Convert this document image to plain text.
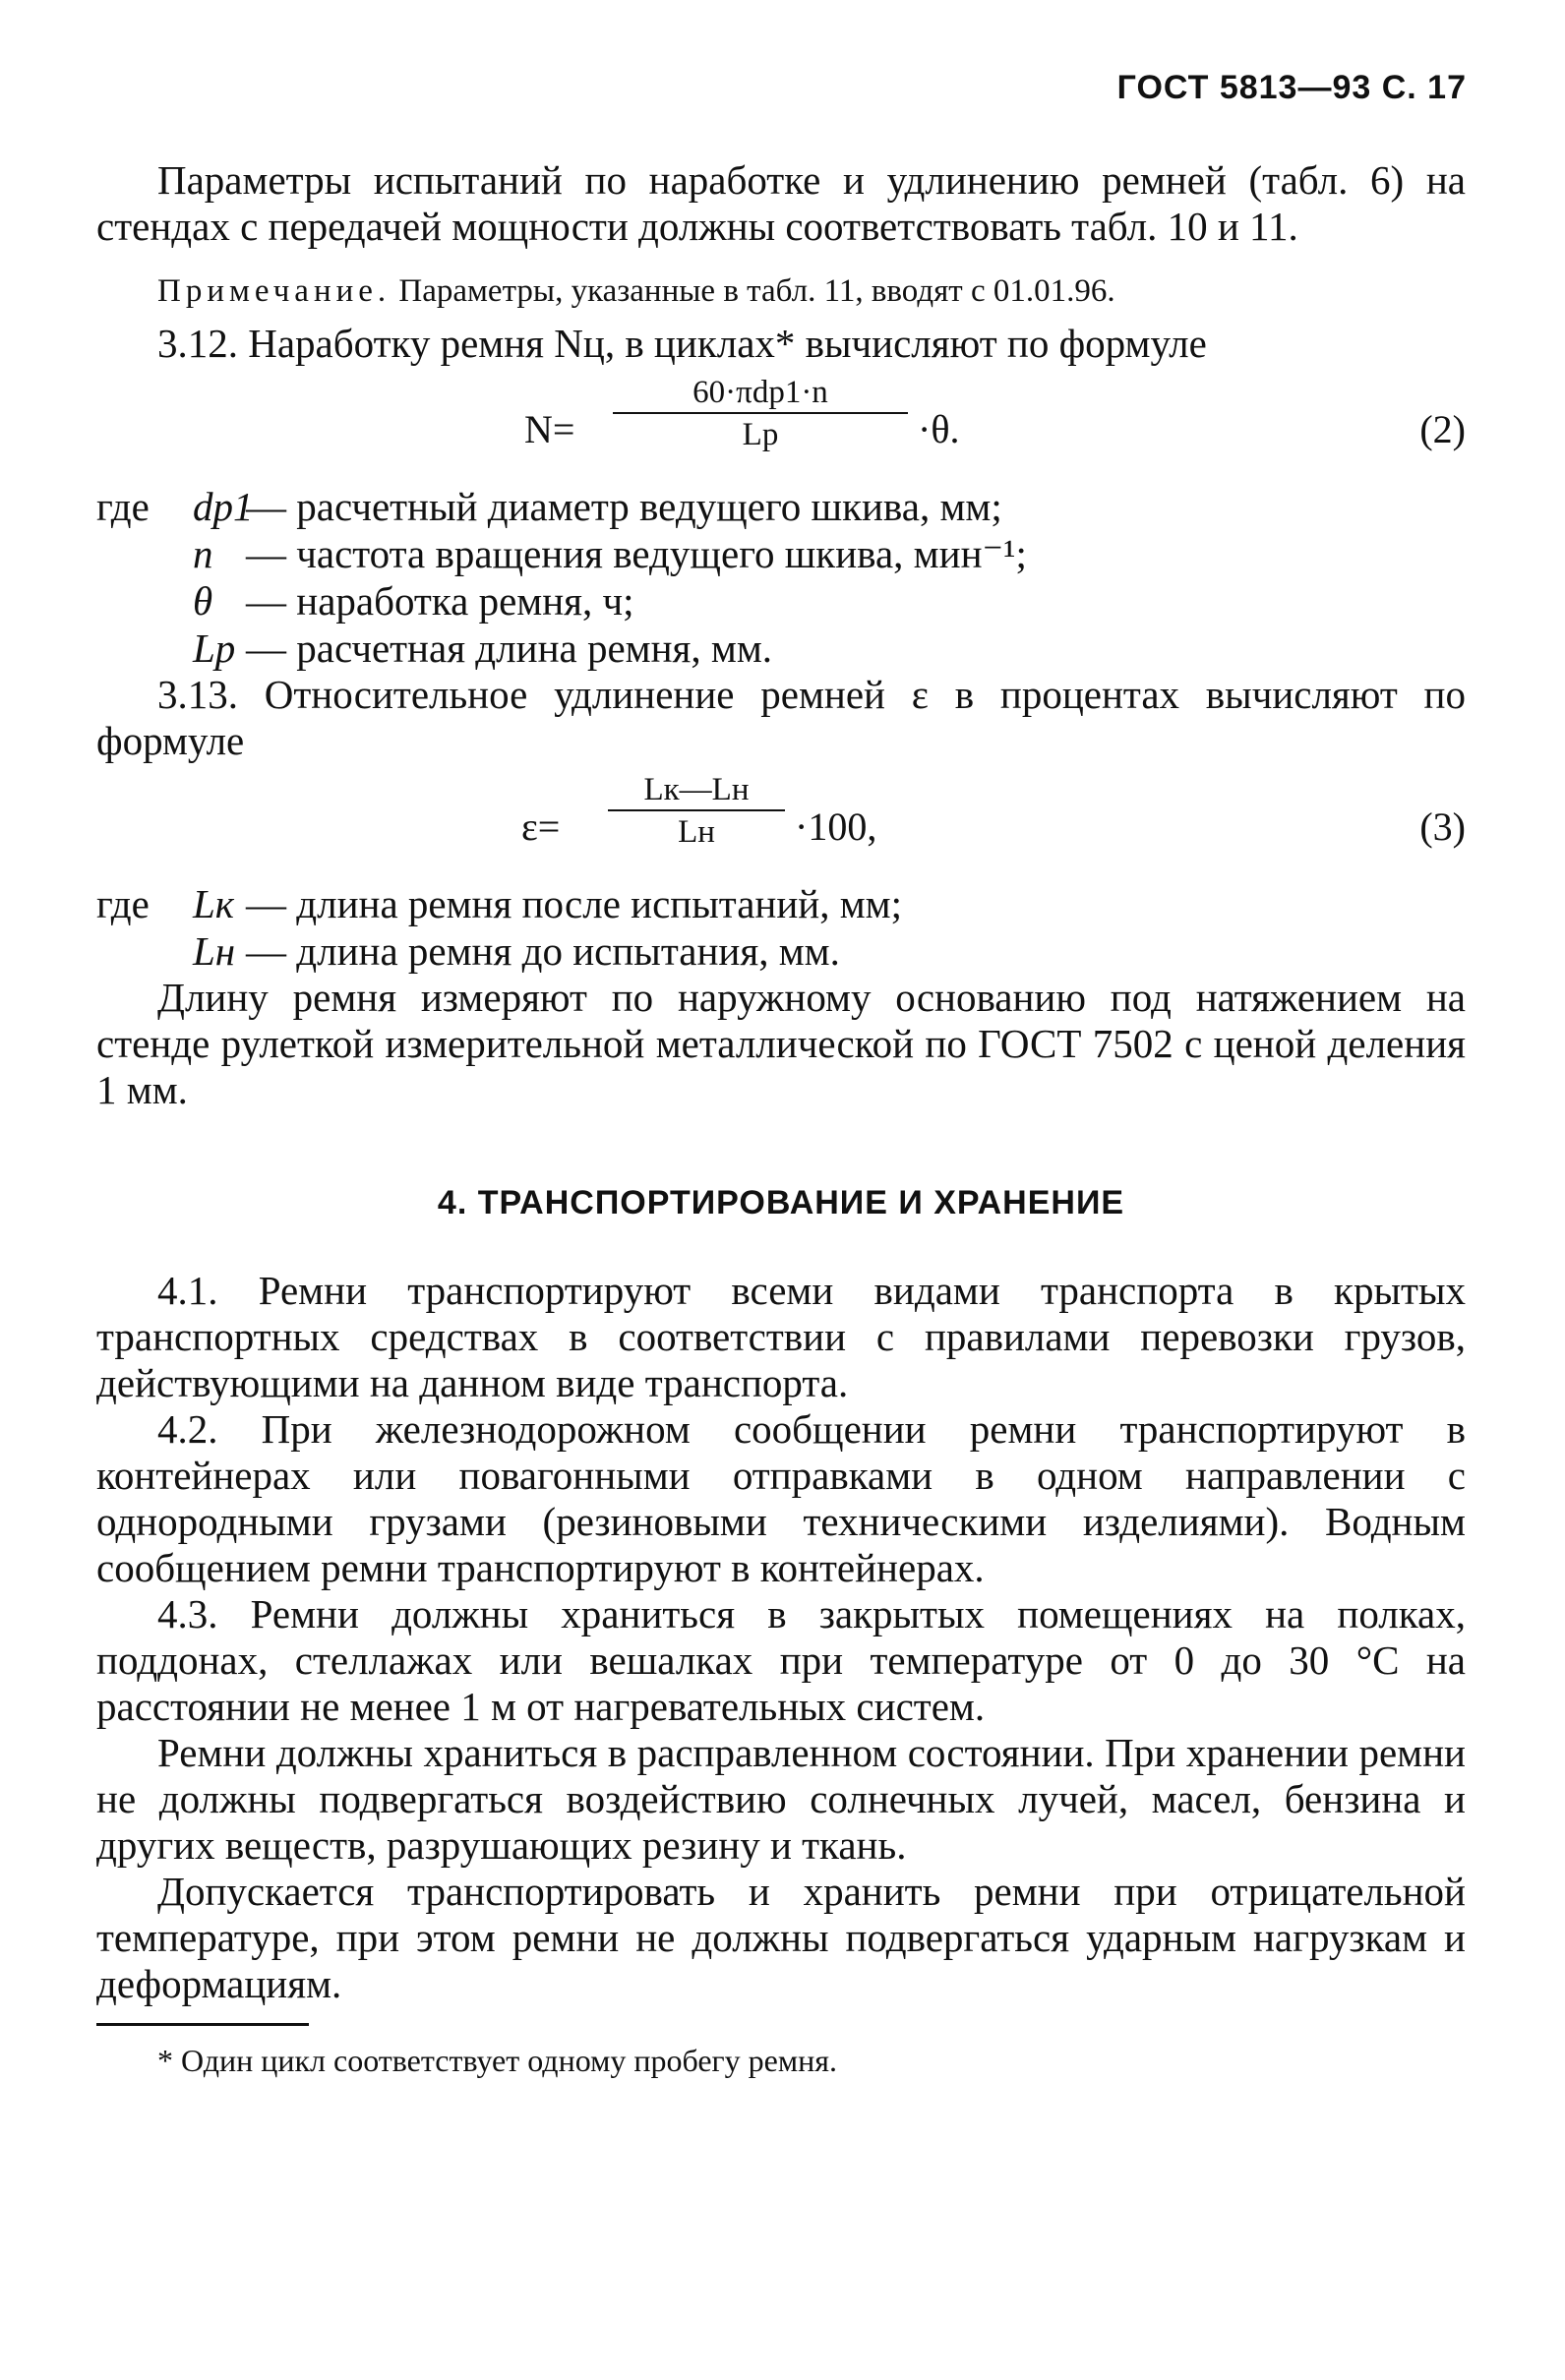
ГОСТ 5813—93 С. 17

Параметры испытаний по наработке и удлинению ремней (табл. 6) на стендах с передачей мощности должны соответствовать табл. 10 и 11.

Примечание. Параметры, указанные в табл. 11, вводят с 01.01.96.

3.12. Наработку ремня Nц, в циклах* вычисляют по формуле

N=
60·πdр1·n
Lр	·θ.	(2)
где dр1
— расчетный диаметр ведущего шкива, мм;
n — частота вращения ведущего шкива, мин⁻¹;
θ — наработка ремня, ч;
Lр — расчетная длина ремня, мм.

3.13. Относительное удлинение ремней ε в процентах вычисляют по формуле

ε=
Lк—Lн
Lн	·100,	(3)
где Lк — длина ремня после испытаний, мм;
Lн — длина ремня до испытания, мм.

Длину ремня измеряют по наружному основанию под натяжением на стенде рулеткой измерительной металлической по ГОСТ 7502 с ценой деления 1 мм.

4. ТРАНСПОРТИРОВАНИЕ И ХРАНЕНИЕ

4.1. Ремни транспортируют всеми видами транспорта в крытых транспортных средствах в соответствии с правилами перевозки грузов, действующими на данном виде транспорта.

4.2. При железнодорожном сообщении ремни транспортируют в контейнерах или повагонными отправками в одном направлении с однородными грузами (резиновыми техническими изделиями). Водным сообщением ремни транспортируют в контейнерах.

4.3. Ремни должны храниться в закрытых помещениях на полках, поддонах, стеллажах или вешалках при температуре от 0 до 30 °С на расстоянии не менее 1 м от нагревательных систем.

Ремни должны храниться в расправленном состоянии. При хранении ремни не должны подвергаться воздействию солнечных лучей, масел, бензина и других веществ, разрушающих резину и ткань.

Допускается транспортировать и хранить ремни при отрицательной температуре, при этом ремни не должны подвергаться ударным нагрузкам и деформациям.

* Один цикл соответствует одному пробегу ремня.
